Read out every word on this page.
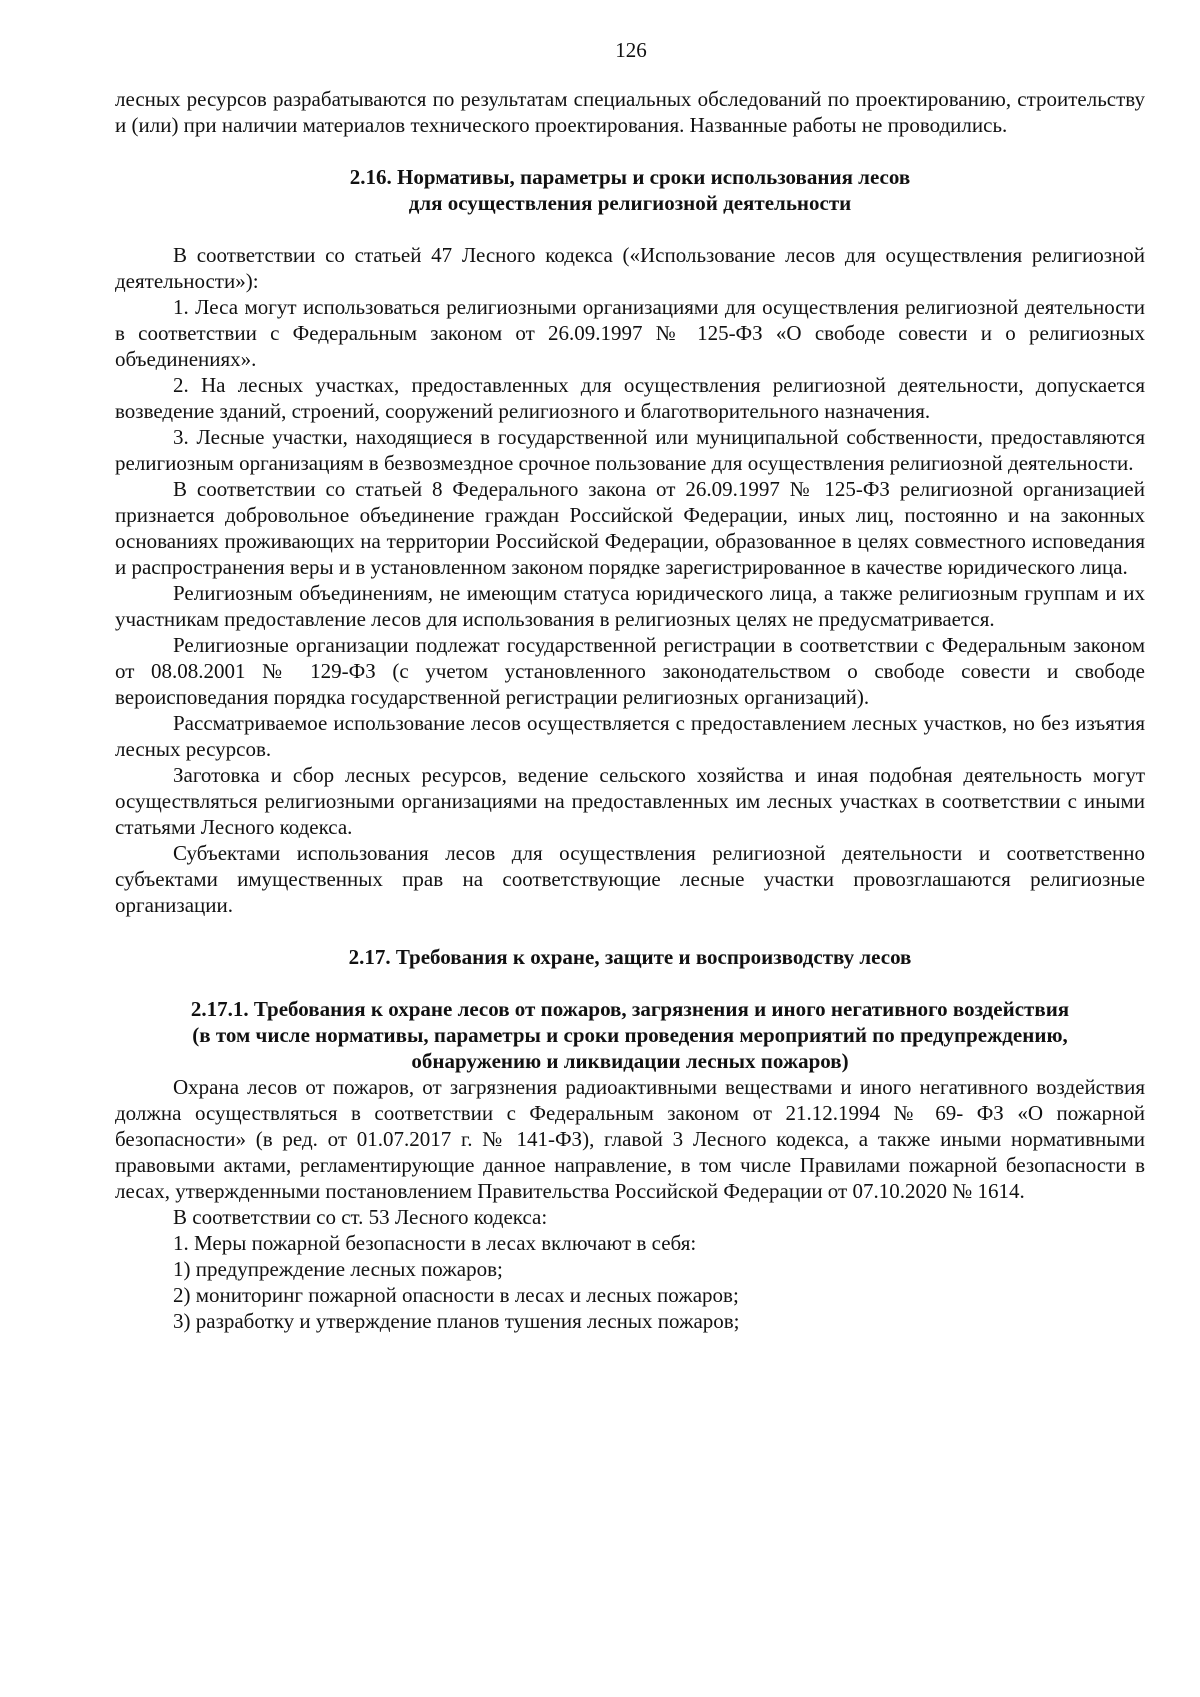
126

лесных ресурсов разрабатываются по результатам специальных обследований по проектированию, строительству и (или) при наличии материалов технического проектирования. Названные работы не проводились.

2.16. Нормативы, параметры и сроки использования лесов
для осуществления религиозной деятельности

В соответствии со статьей 47 Лесного кодекса («Использование лесов для осуществления религиозной деятельности»):

1. Леса могут использоваться религиозными организациями для осуществления религиозной деятельности в соответствии с Федеральным законом от 26.09.1997 № 125-ФЗ «О свободе совести и о религиозных объединениях».

2. На лесных участках, предоставленных для осуществления религиозной деятельности, допускается возведение зданий, строений, сооружений религиозного и благотворительного назначения.

3. Лесные участки, находящиеся в государственной или муниципальной собственности, предоставляются религиозным организациям в безвозмездное срочное пользование для осуществления религиозной деятельности.

В соответствии со статьей 8 Федерального закона от 26.09.1997 № 125-ФЗ религиозной организацией признается добровольное объединение граждан Российской Федерации, иных лиц, постоянно и на законных основаниях проживающих на территории Российской Федерации, образованное в целях совместного исповедания и распространения веры и в установленном законом порядке зарегистрированное в качестве юридического лица.

Религиозным объединениям, не имеющим статуса юридического лица, а также религиозным группам и их участникам предоставление лесов для использования в религиозных целях не предусматривается.

Религиозные организации подлежат государственной регистрации в соответствии с Федеральным законом от 08.08.2001 № 129-ФЗ (с учетом установленного законодательством о свободе совести и свободе вероисповедания порядка государственной регистрации религиозных организаций).

Рассматриваемое использование лесов осуществляется с предоставлением лесных участков, но без изъятия лесных ресурсов.

Заготовка и сбор лесных ресурсов, ведение сельского хозяйства и иная подобная деятельность могут осуществляться религиозными организациями на предоставленных им лесных участках в соответствии с иными статьями Лесного кодекса.

Субъектами использования лесов для осуществления религиозной деятельности и соответственно субъектами имущественных прав на соответствующие лесные участки провозглашаются религиозные организации.

2.17. Требования к охране, защите и воспроизводству лесов
2.17.1. Требования к охране лесов от пожаров, загрязнения и иного негативного воздействия
(в том числе нормативы, параметры и сроки проведения мероприятий по предупреждению,
обнаружению и ликвидации лесных пожаров)

Охрана лесов от пожаров, от загрязнения радиоактивными веществами и иного негативного воздействия должна осуществляться в соответствии с Федеральным законом от 21.12.1994 № 69- ФЗ «О пожарной безопасности» (в ред. от 01.07.2017 г. № 141-ФЗ), главой 3 Лесного кодекса, а также иными нормативными правовыми актами, регламентирующие данное направление, в том числе Правилами пожарной безопасности в лесах, утвержденными постановлением Правительства Российской Федерации от 07.10.2020 № 1614.

В соответствии со ст. 53 Лесного кодекса:

1. Меры пожарной безопасности в лесах включают в себя:

1) предупреждение лесных пожаров;

2) мониторинг пожарной опасности в лесах и лесных пожаров;

3) разработку и утверждение планов тушения лесных пожаров;
